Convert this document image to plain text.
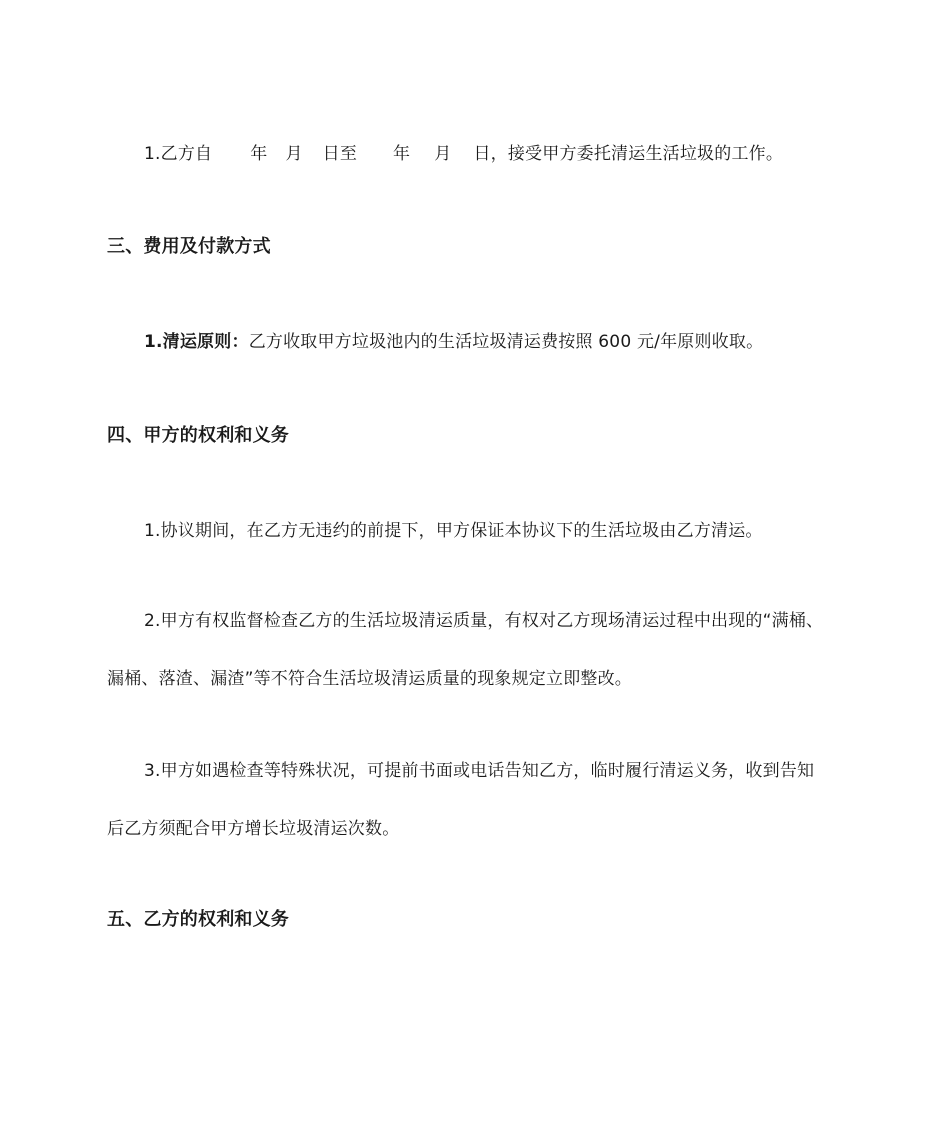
1.乙方自 年 月 日至 年 月 日，接受甲方委托清运生活垃圾的工作。
三、费用及付款方式
1.清运原则：乙方收取甲方垃圾池内的生活垃圾清运费按照 600 元/年原则收取。
四、甲方的权利和义务
1.协议期间，在乙方无违约的前提下，甲方保证本协议下的生活垃圾由乙方清运。
2.甲方有权监督检查乙方的生活垃圾清运质量，有权对乙方现场清运过程中出现的“满桶、
漏桶、落渣、漏渣”等不符合生活垃圾清运质量的现象规定立即整改。
3.甲方如遇检查等特殊状况，可提前书面或电话告知乙方，临时履行清运义务，收到告知
后乙方须配合甲方增长垃圾清运次数。
五、乙方的权利和义务
